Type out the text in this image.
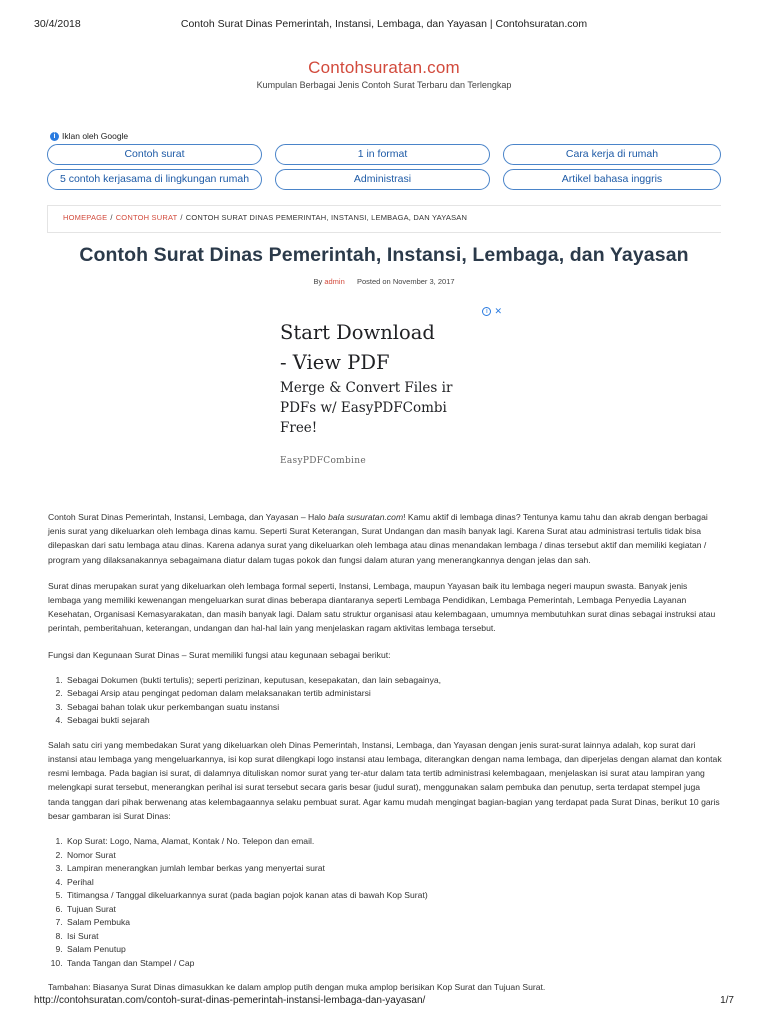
30/4/2018	Contoh Surat Dinas Pemerintah, Instansi, Lembaga, dan Yayasan | Contohsuratan.com
Contohsuratan.com
Kumpulan Berbagai Jenis Contoh Surat Terbaru dan Terlengkap
i Iklan oleh Google
Contoh surat	1 in format	Cara kerja di rumah
5 contoh kerjasama di lingkungan rumah	Administrasi	Artikel bahasa inggris
HOMEPAGE / CONTOH SURAT / CONTOH SURAT DINAS PEMERINTAH, INSTANSI, LEMBAGA, DAN YAYASAN
Contoh Surat Dinas Pemerintah, Instansi, Lembaga, dan Yayasan
By admin Posted on November 3, 2017
i ✕
Start Download
- View PDF
Merge & Convert Files ir
PDFs w/ EasyPDFCombi
Free!
EasyPDFCombine

Contoh Surat Dinas Pemerintah, Instansi, Lembaga, dan Yayasan – Halo bala susuratan.com! Kamu aktif di lembaga dinas? Tentunya kamu tahu dan akrab dengan berbagai jenis surat yang dikeluarkan oleh lembaga dinas kamu. Seperti Surat Keterangan, Surat Undangan dan masih banyak lagi. Karena Surat atau administrasi tertulis tidak bisa dilepaskan dari satu lembaga atau dinas. Karena adanya surat yang dikeluarkan oleh lembaga atau dinas menandakan lembaga / dinas tersebut aktif dan memiliki kegiatan / program yang dilaksanakannya sebagaimana diatur dalam tugas pokok dan fungsi dalam aturan yang menerangkannya dengan jelas dan sah.

Surat dinas merupakan surat yang dikeluarkan oleh lembaga formal seperti, Instansi, Lembaga, maupun Yayasan baik itu lembaga negeri maupun swasta. Banyak jenis lembaga yang memiliki kewenangan mengeluarkan surat dinas beberapa diantaranya seperti Lembaga Pendidikan, Lembaga Pemerintah, Lembaga Penyedia Layanan Kesehatan, Organisasi Kemasyarakatan, dan masih banyak lagi. Dalam satu struktur organisasi atau kelembagaan, umumnya membutuhkan surat dinas sebagai instruksi atau perintah, pemberitahuan, keterangan, undangan dan hal-hal lain yang menjelaskan ragam aktivitas lembaga tersebut.

Fungsi dan Kegunaan Surat Dinas – Surat memiliki fungsi atau kegunaan sebagai berikut:

1. Sebagai Dokumen (bukti tertulis); seperti perizinan, keputusan, kesepakatan, dan lain sebagainya,
2. Sebagai Arsip atau pengingat pedoman dalam melaksanakan tertib administarsi
3. Sebagai bahan tolak ukur perkembangan suatu instansi
4. Sebagai bukti sejarah

Salah satu ciri yang membedakan Surat yang dikeluarkan oleh Dinas Pemerintah, Instansi, Lembaga, dan Yayasan dengan jenis surat-surat lainnya adalah, kop surat dari instansi atau lembaga yang mengeluarkannya, isi kop surat dilengkapi logo instansi atau lembaga, diterangkan dengan nama lembaga, dan diperjelas dengan alamat dan kontak resmi lembaga. Pada bagian isi surat, di dalamnya dituliskan nomor surat yang ter-atur dalam tata tertib administrasi kelembagaan, menjelaskan isi surat atau lampiran yang melengkapi surat tersebut, menerangkan perihal isi surat tersebut secara garis besar (judul surat), menggunakan salam pembuka dan penutup, serta terdapat stempel juga tanda tanggan dari pihak berwenang atas kelembagaannya selaku pembuat surat. Agar kamu mudah mengingat bagian-bagian yang terdapat pada Surat Dinas, berikut 10 garis besar gambaran isi Surat Dinas:

1. Kop Surat: Logo, Nama, Alamat, Kontak / No. Telepon dan email.
2. Nomor Surat
3. Lampiran menerangkan jumlah lembar berkas yang menyertai surat
4. Perihal
5. Titimangsa / Tanggal dikeluarkannya surat (pada bagian pojok kanan atas di bawah Kop Surat)
6. Tujuan Surat
7. Salam Pembuka
8. Isi Surat
9. Salam Penutup
10. Tanda Tangan dan Stampel / Cap

Tambahan: Biasanya Surat Dinas dimasukkan ke dalam amplop putih dengan muka amplop berisikan Kop Surat dan Tujuan Surat.

http://contohsuratan.com/contoh-surat-dinas-pemerintah-instansi-lembaga-dan-yayasan/	1/7
